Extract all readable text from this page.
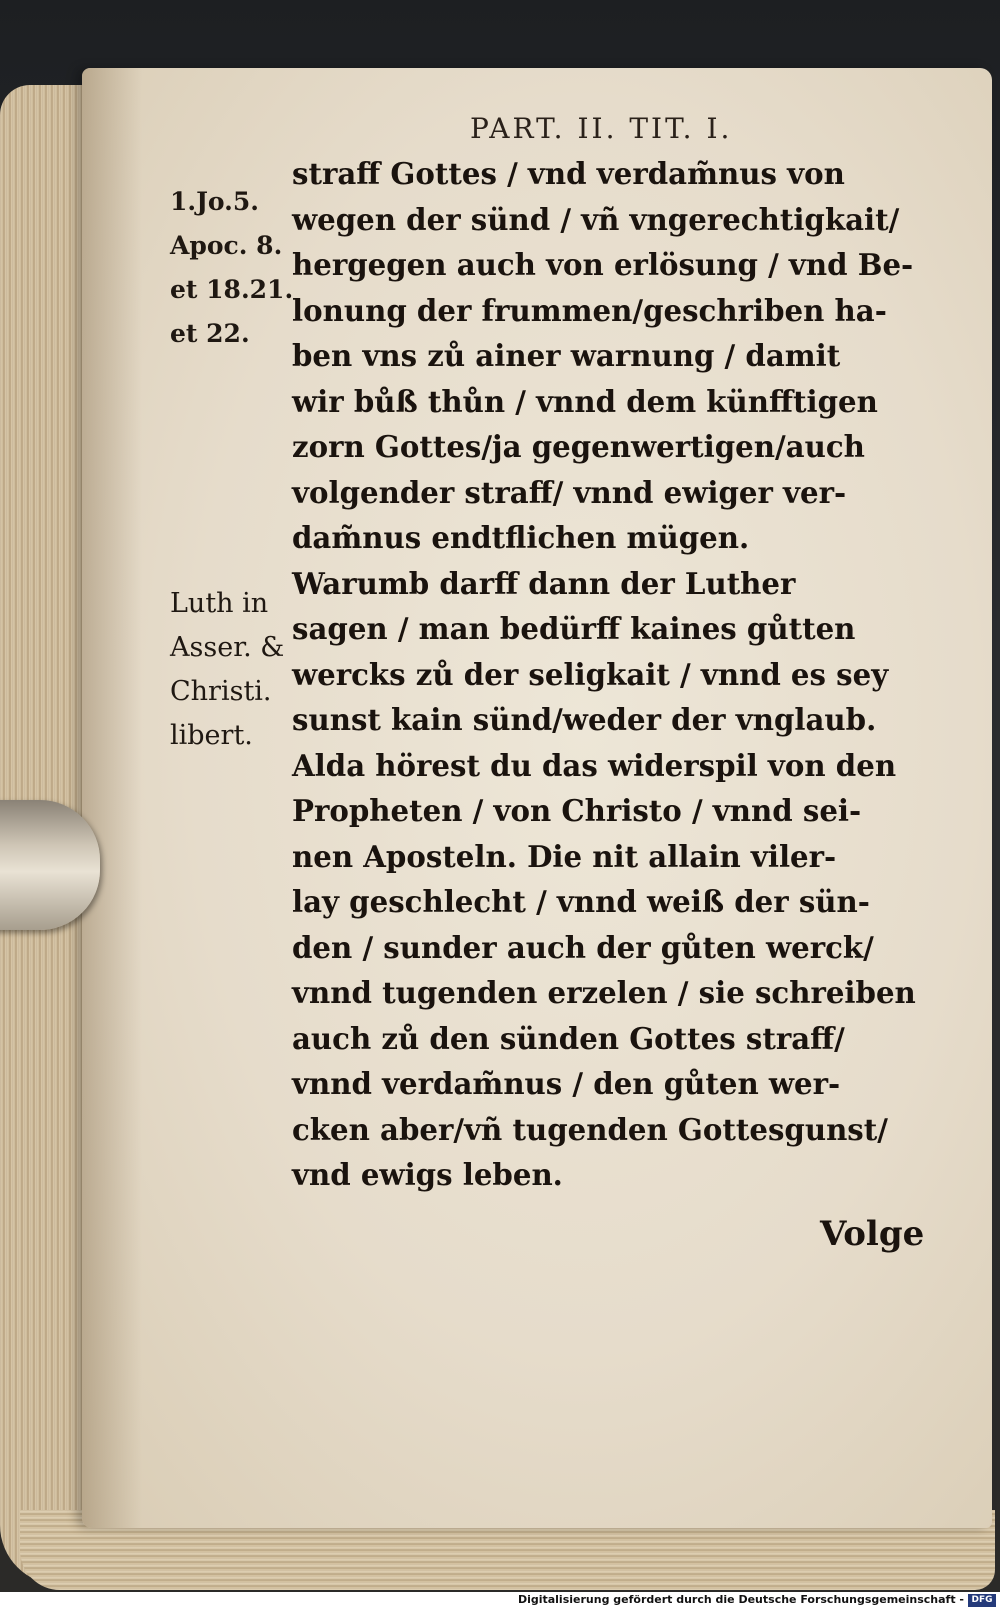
PART. II. TIT. I.
1.Jo.5.
Apoc. 8.
et 18.21.
et 22.
Luth in
Asser. &
Christi.
libert.
straff Gottes / vnd verdam̃nus von
wegen der sünd / vñ vngerechtigkait/
hergegen auch von erlösung / vnd Be-
lonung der frummen/geschriben ha-
ben vns zů ainer warnung / damit
wir bůß thůn / vnnd dem künfftigen
zorn Gottes/ja gegenwertigen/auch
volgender straff/ vnnd ewiger ver-
dam̃nus endtflichen mügen.
Warumb darff dann der Luther
sagen / man bedürff kaines gůtten
wercks zů der seligkait / vnnd es sey
sunst kain sünd/weder der vnglaub.
Alda hörest du das widerspil von den
Propheten / von Christo / vnnd sei-
nen Aposteln. Die nit allain viler-
lay geschlecht / vnnd weiß der sün-
den / sunder auch der gůten werck/
vnnd tugenden erzelen / sie schreiben
auch zů den sünden Gottes straff/
vnnd verdam̃nus / den gůten wer-
cken aber/vñ tugenden Gottesgunst/
vnd ewigs leben.
Volge
Digitalisierung gefördert durch die Deutsche Forschungsgemeinschaft - DFG
